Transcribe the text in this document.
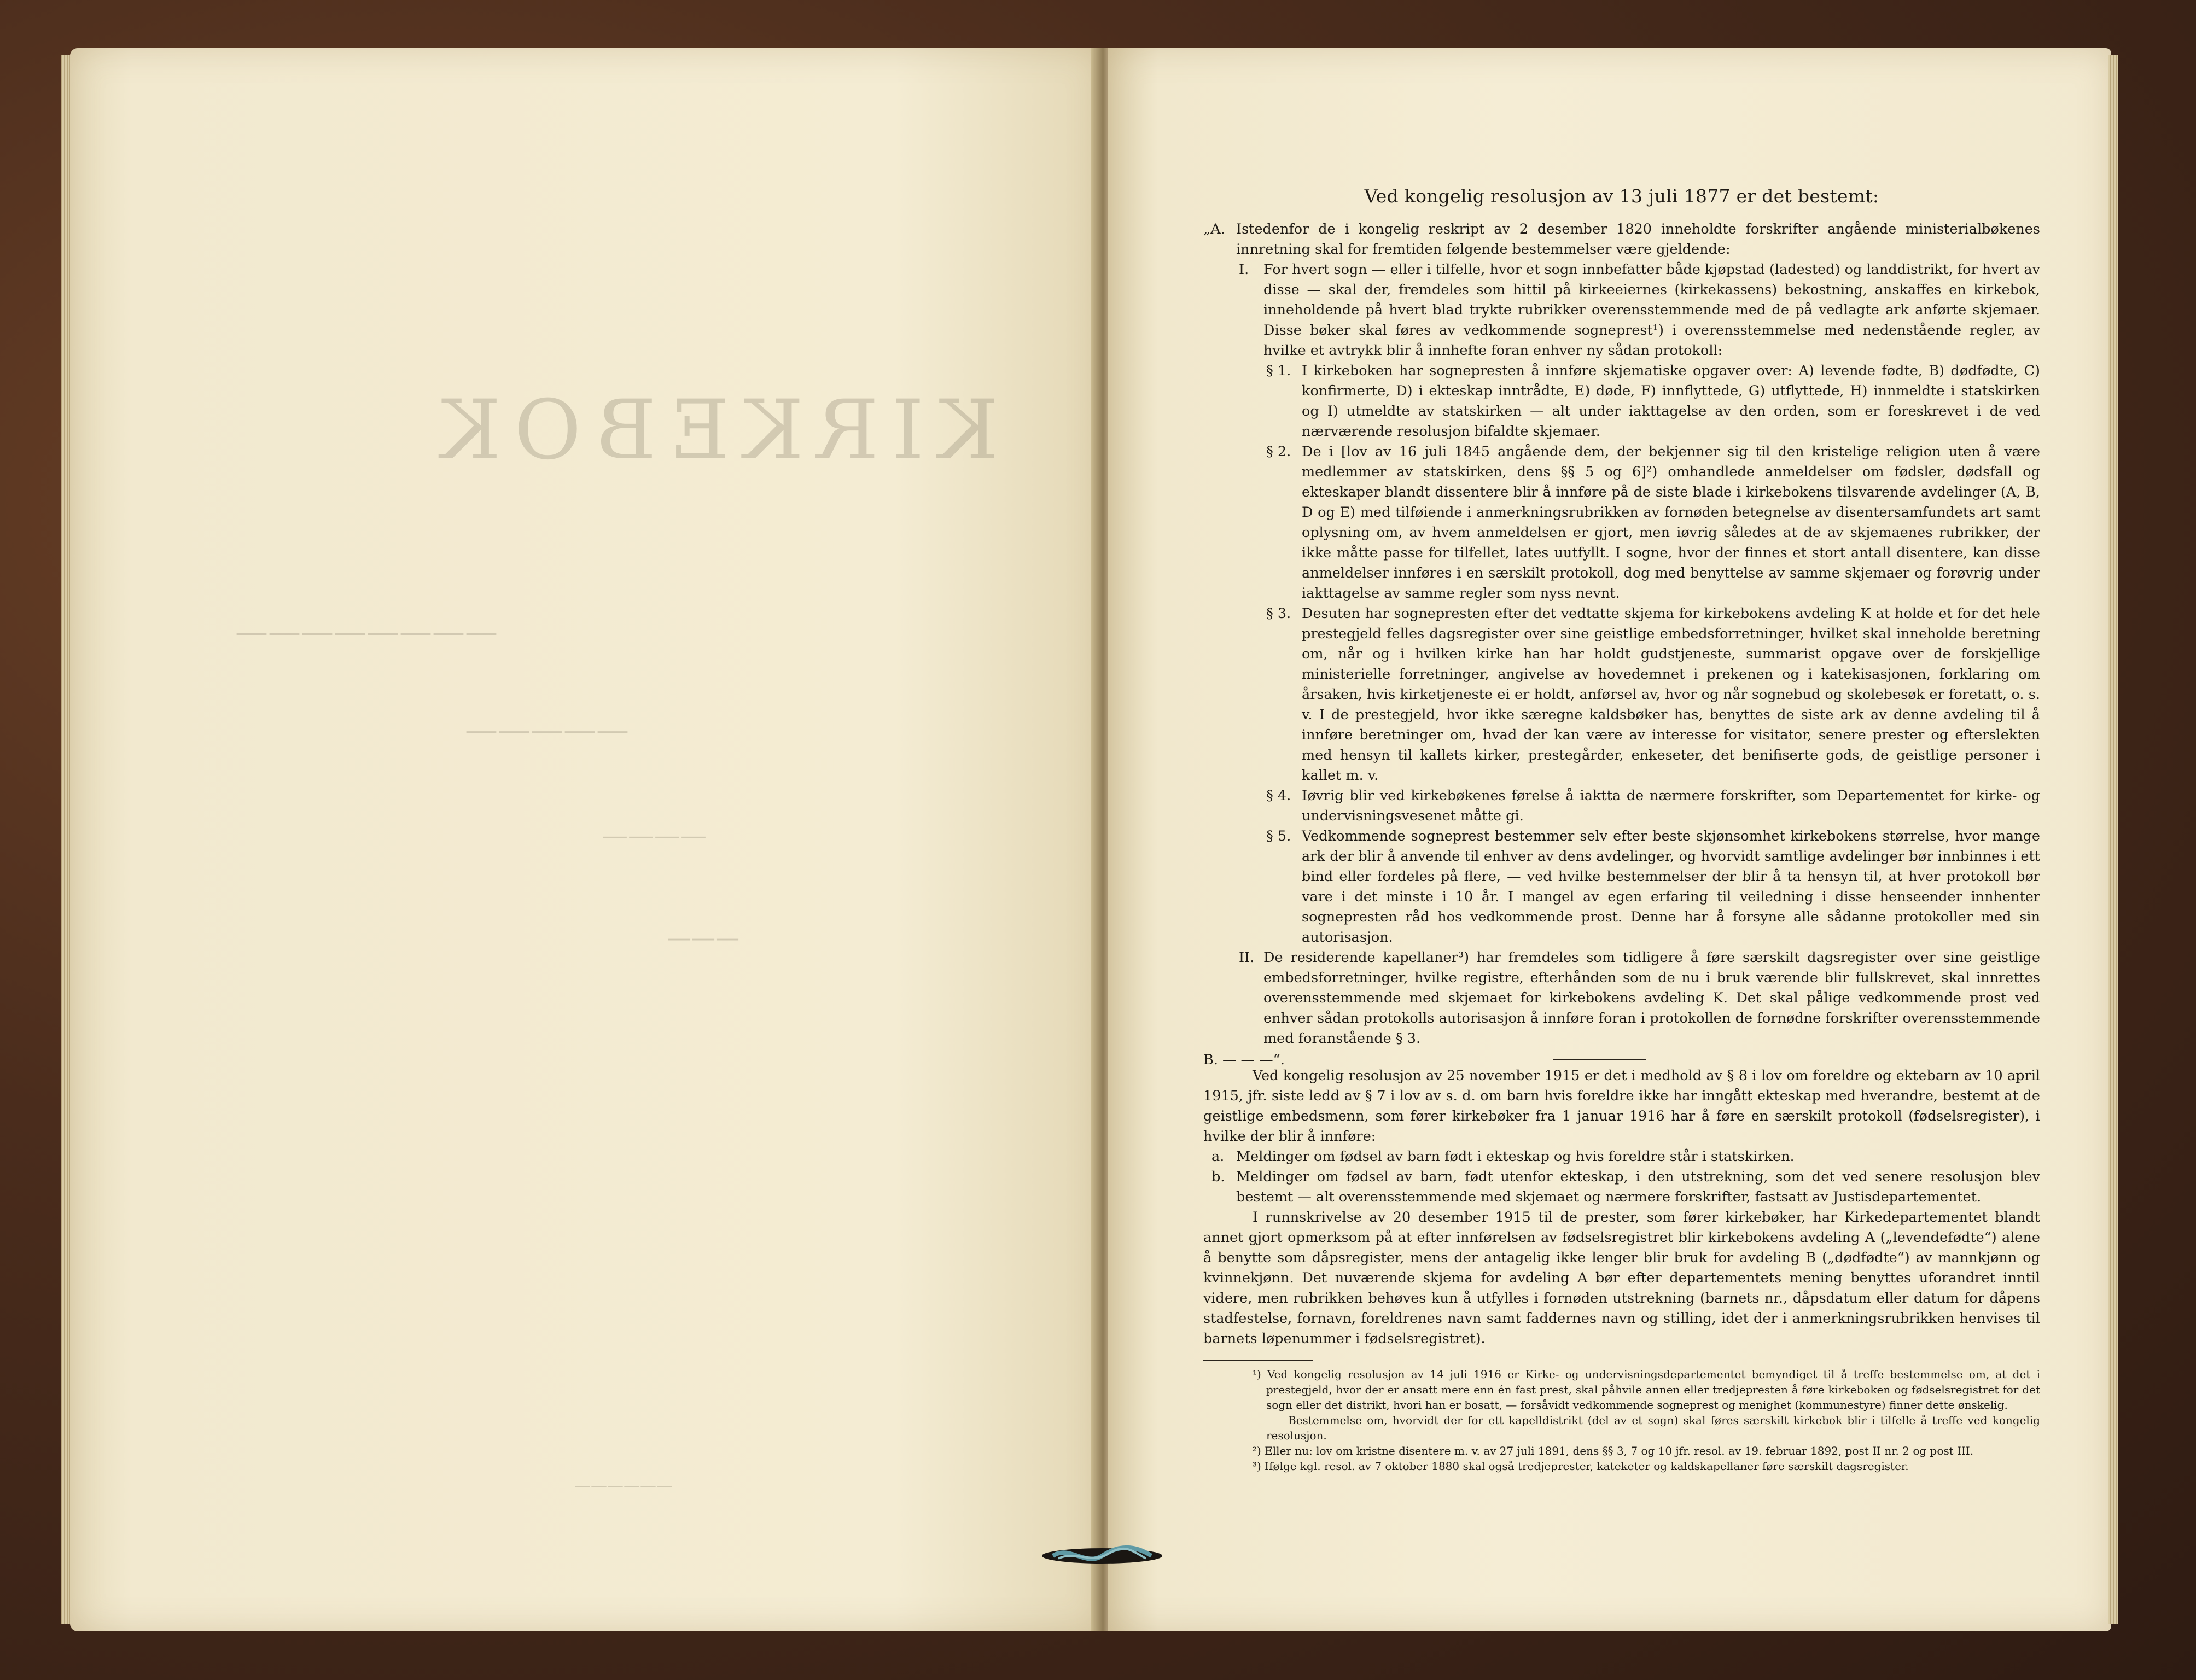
KIRKEBOK
————————
—————
————
———
——————

Ved kongelig resolusjon av 13 juli 1877 er det bestemt:

„A. Istedenfor de i kongelig reskript av 2 desember 1820 inneholdte forskrifter angående ministerialbøkenes innretning skal for fremtiden følgende bestemmelser være gjeldende:

I. For hvert sogn — eller i tilfelle, hvor et sogn innbefatter både kjøpstad (ladested) og landdistrikt, for hvert av disse — skal der, fremdeles som hittil på kirkeeiernes (kirkekassens) bekostning, anskaffes en kirkebok, inneholdende på hvert blad trykte rubrikker overensstemmende med de på vedlagte ark anførte skjemaer. Disse bøker skal føres av vedkommende sogneprest¹) i overensstemmelse med nedenstående regler, av hvilke et avtrykk blir å innhefte foran enhver ny sådan protokoll:

§ 1. I kirkeboken har sognepresten å innføre skjematiske opgaver over: A) levende fødte, B) dødfødte, C) konfirmerte, D) i ekteskap inntrådte, E) døde, F) innflyttede, G) utflyttede, H) innmeldte i statskirken og I) utmeldte av statskirken — alt under iakttagelse av den orden, som er foreskrevet i de ved nærværende resolusjon bifaldte skjemaer.

§ 2. De i [lov av 16 juli 1845 angående dem, der bekjenner sig til den kristelige religion uten å være medlemmer av statskirken, dens §§ 5 og 6]²) omhandlede anmeldelser om fødsler, dødsfall og ekteskaper blandt dissentere blir å innføre på de siste blade i kirkebokens tilsvarende avdelinger (A, B, D og E) med tilføiende i anmerkningsrubrikken av fornøden betegnelse av disentersamfundets art samt oplysning om, av hvem anmeldelsen er gjort, men iøvrig således at de av skjemaenes rubrikker, der ikke måtte passe for tilfellet, lates uutfyllt. I sogne, hvor der finnes et stort antall disentere, kan disse anmeldelser innføres i en særskilt protokoll, dog med benyttelse av samme skjemaer og forøvrig under iakttagelse av samme regler som nyss nevnt.

§ 3. Desuten har sognepresten efter det vedtatte skjema for kirkebokens avdeling K at holde et for det hele prestegjeld felles dagsregister over sine geistlige embedsforretninger, hvilket skal inneholde beretning om, når og i hvilken kirke han har holdt gudstjeneste, summarist opgave over de forskjellige ministerielle forretninger, angivelse av hovedemnet i prekenen og i katekisasjonen, forklaring om årsaken, hvis kirketjeneste ei er holdt, anførsel av, hvor og når sognebud og skolebesøk er foretatt, o. s. v. I de prestegjeld, hvor ikke særegne kaldsbøker has, benyttes de siste ark av denne avdeling til å innføre beretninger om, hvad der kan være av interesse for visitator, senere prester og efterslekten med hensyn til kallets kirker, prestegårder, enkeseter, det benifiserte gods, de geistlige personer i kallet m. v.

§ 4. Iøvrig blir ved kirkebøkenes førelse å iaktta de nærmere forskrifter, som Departementet for kirke- og undervisningsvesenet måtte gi.

§ 5. Vedkommende sogneprest bestemmer selv efter beste skjønsomhet kirkebokens størrelse, hvor mange ark der blir å anvende til enhver av dens avdelinger, og hvorvidt samtlige avdelinger bør innbinnes i ett bind eller fordeles på flere, — ved hvilke bestemmelser der blir å ta hensyn til, at hver protokoll bør vare i det minste i 10 år. I mangel av egen erfaring til veiledning i disse henseender innhenter sognepresten råd hos vedkommende prost. Denne har å forsyne alle sådanne protokoller med sin autorisasjon.

II. De residerende kapellaner³) har fremdeles som tidligere å føre særskilt dagsregister over sine geistlige embedsforretninger, hvilke registre, efterhånden som de nu i bruk værende blir fullskrevet, skal innrettes overensstemmende med skjemaet for kirkebokens avdeling K. Det skal pålige vedkommende prost ved enhver sådan protokolls autorisasjon å innføre foran i protokollen de fornødne forskrifter overensstemmende med foranstående § 3.

B. — — —“.

Ved kongelig resolusjon av 25 november 1915 er det i medhold av § 8 i lov om foreldre og ektebarn av 10 april 1915, jfr. siste ledd av § 7 i lov av s. d. om barn hvis foreldre ikke har inngått ekteskap med hverandre, bestemt at de geistlige embedsmenn, som fører kirkebøker fra 1 januar 1916 har å føre en særskilt protokoll (fødselsregister), i hvilke der blir å innføre:

a. Meldinger om fødsel av barn født i ekteskap og hvis foreldre står i statskirken.

b. Meldinger om fødsel av barn, født utenfor ekteskap, i den utstrekning, som det ved senere resolusjon blev bestemt — alt overensstemmende med skjemaet og nærmere forskrifter, fastsatt av Justisdepartementet.

I runnskrivelse av 20 desember 1915 til de prester, som fører kirkebøker, har Kirkedepartementet blandt annet gjort opmerksom på at efter innførelsen av fødselsregistret blir kirkebokens avdeling A („levendefødte“) alene å benytte som dåpsregister, mens der antagelig ikke lenger blir bruk for avdeling B („dødfødte“) av mannkjønn og kvinnekjønn. Det nuværende skjema for avdeling A bør efter departementets mening benyttes uforandret inntil videre, men rubrikken behøves kun å utfylles i fornøden utstrekning (barnets nr., dåpsdatum eller datum for dåpens stadfestelse, fornavn, foreldrenes navn samt faddernes navn og stilling, idet der i anmerkningsrubrikken henvises til barnets løpenummer i fødselsregistret).

¹) Ved kongelig resolusjon av 14 juli 1916 er Kirke- og undervisningsdepartementet bemyndiget til å treffe bestemmelse om, at det i prestegjeld, hvor der er ansatt mere enn én fast prest, skal påhvile annen eller tredjepresten å føre kirkeboken og fødselsregistret for det sogn eller det distrikt, hvori han er bosatt, — forsåvidt vedkommende sogneprest og menighet (kommunestyre) finner dette ønskelig.

Bestemmelse om, hvorvidt der for ett kapelldistrikt (del av et sogn) skal føres særskilt kirkebok blir i tilfelle å treffe ved kongelig resolusjon.

²) Eller nu: lov om kristne disentere m. v. av 27 juli 1891, dens §§ 3, 7 og 10 jfr. resol. av 19. februar 1892, post II nr. 2 og post III.

³) Ifølge kgl. resol. av 7 oktober 1880 skal også tredjeprester, kateketer og kaldskapellaner føre særskilt dagsregister.
